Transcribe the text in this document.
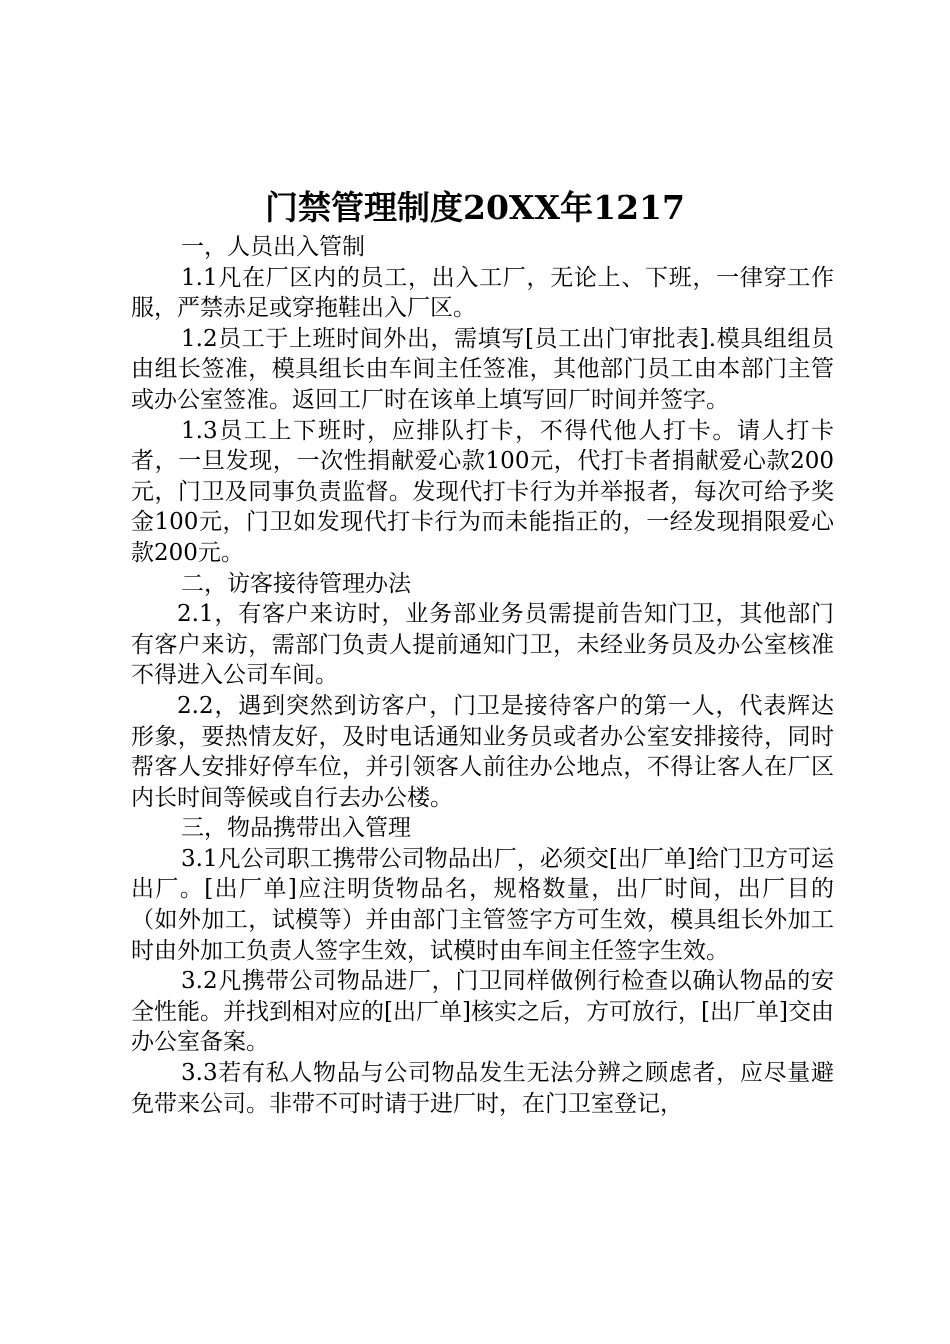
门禁管理制度20XX年1217

一，人员出入管制

1.1凡在厂区内的员工，出入工厂，无论上、下班，一律穿工作服，严禁赤足或穿拖鞋出入厂区。

1.2员工于上班时间外出，需填写[员工出门审批表].模具组组员由组长签准，模具组长由车间主任签准，其他部门员工由本部门主管或办公室签准。返回工厂时在该单上填写回厂时间并签字。

1.3员工上下班时，应排队打卡，不得代他人打卡。请人打卡者，一旦发现，一次性捐献爱心款100元，代打卡者捐献爱心款200元，门卫及同事负责监督。发现代打卡行为并举报者，每次可给予奖金100元，门卫如发现代打卡行为而未能指正的，一经发现捐限爱心款200元。

二，访客接待管理办法

2.1，有客户来访时，业务部业务员需提前告知门卫，其他部门有客户来访，需部门负责人提前通知门卫，未经业务员及办公室核准不得进入公司车间。

2.2，遇到突然到访客户，门卫是接待客户的第一人，代表辉达形象，要热情友好，及时电话通知业务员或者办公室安排接待，同时帮客人安排好停车位，并引领客人前往办公地点，不得让客人在厂区内长时间等候或自行去办公楼。

三，物品携带出入管理

3.1凡公司职工携带公司物品出厂，必须交[出厂单]给门卫方可运出厂。[出厂单]应注明货物品名，规格数量，出厂时间，出厂目的（如外加工，试模等）并由部门主管签字方可生效，模具组长外加工时由外加工负责人签字生效，试模时由车间主任签字生效。

3.2凡携带公司物品进厂，门卫同样做例行检查以确认物品的安全性能。并找到相对应的[出厂单]核实之后，方可放行，[出厂单]交由办公室备案。

3.3若有私人物品与公司物品发生无法分辨之顾虑者，应尽量避免带来公司。非带不可时请于进厂时，在门卫室登记，
